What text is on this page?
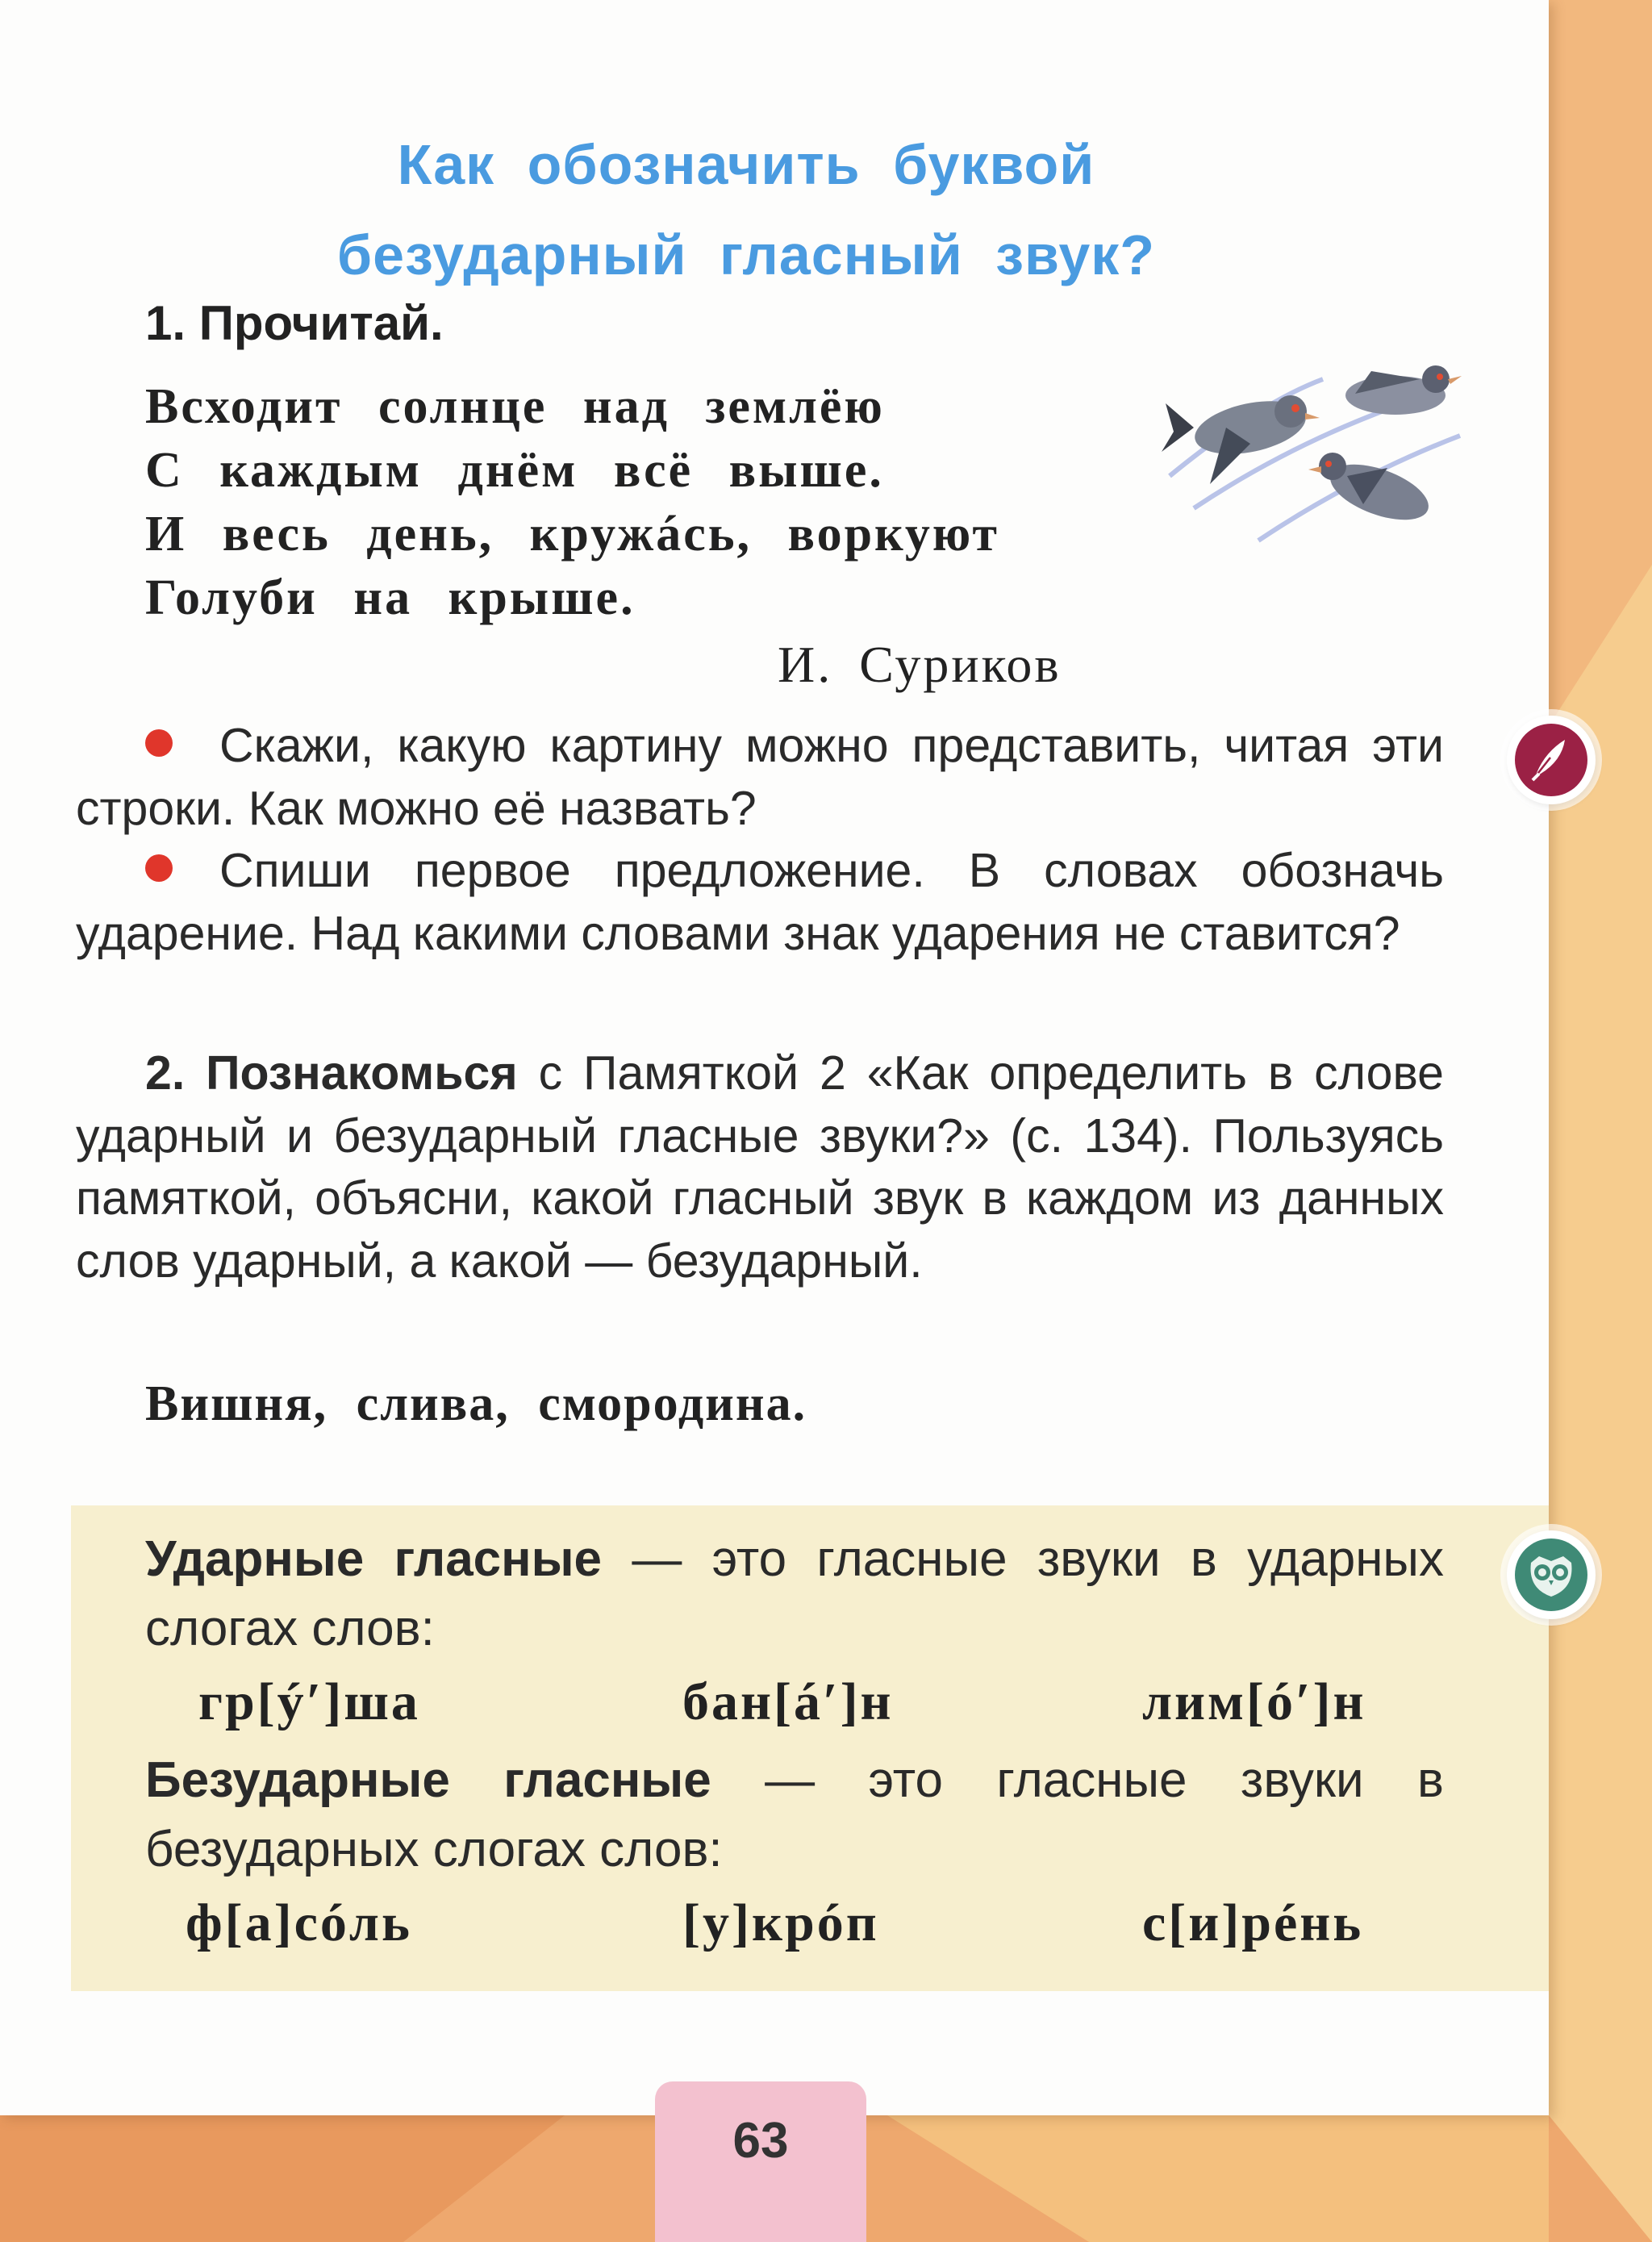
Как обозначить буквой
безударный гласный звук?
1. Прочитай.
Всходит солнце над землёю
С каждым днём всё выше.
И весь день, кружáсь, воркуют
Голуби на крыше.
И. Суриков
Скажи, какую картину можно представить, читая эти строки. Как можно её назвать?
Спиши первое предложение. В словах обозначь ударение. Над какими словами знак ударения не ставится?
2. Познакомься с Памяткой 2 «Как определить в слове ударный и безударный гласные звуки?» (с. 134). Пользуясь памяткой, объясни, какой гласный звук в каждом из данных слов ударный, а какой — безударный.
Вишня, слива, смородина.
Ударные гласные — это гласные звуки в ударных слогах слов:
гр[ýʹ]ша	бан[áʹ]н	лим[óʹ]н
Безударные гласные — это гласные звуки в безударных слогах слов:
ф[а]сóль	[у]крóп	с[и]рéнь
63
